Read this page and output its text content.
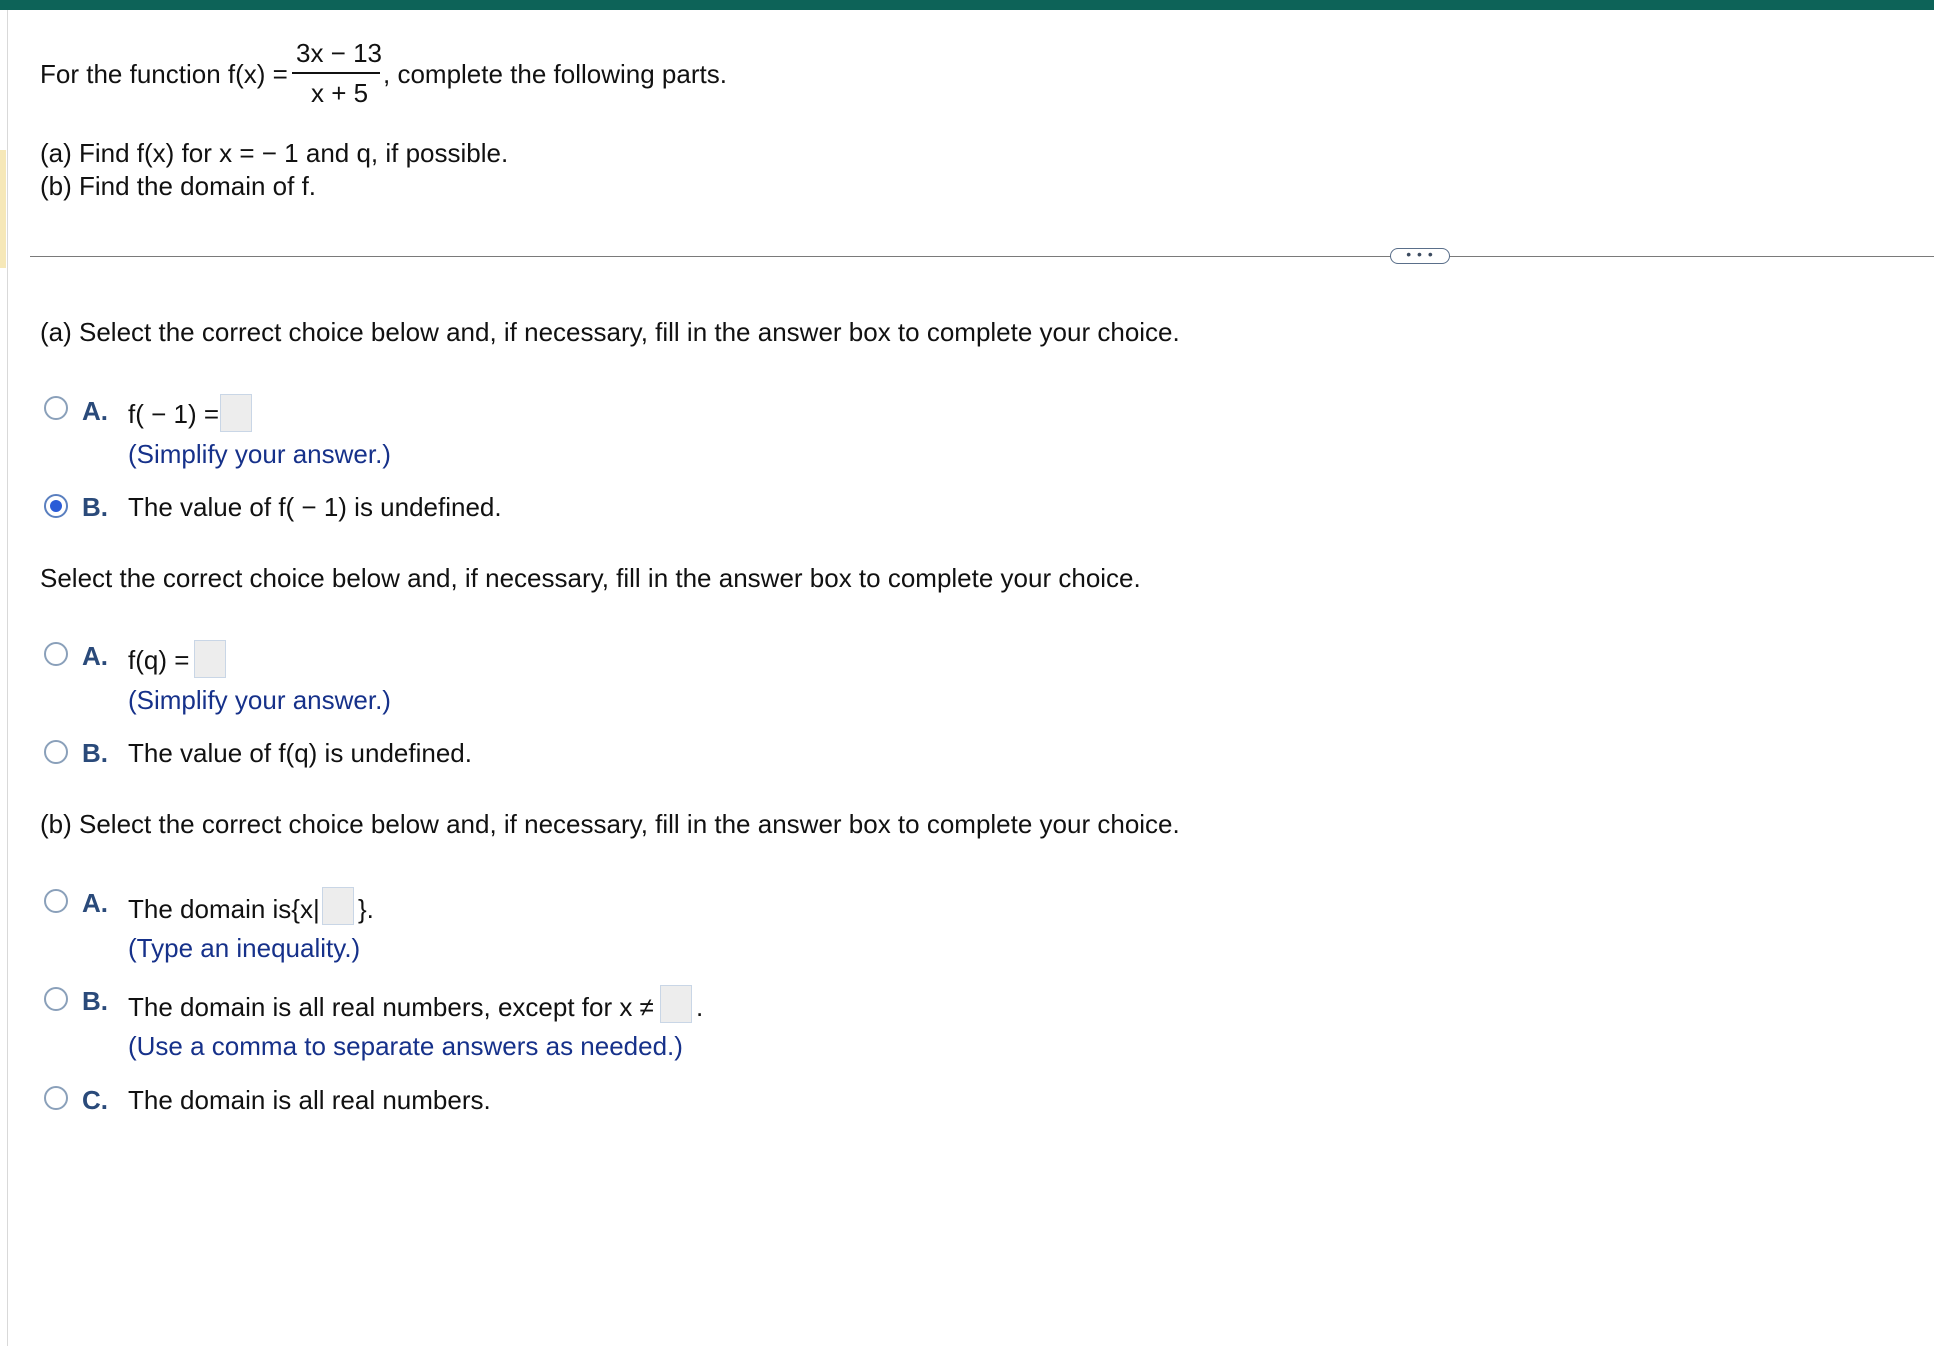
For the function f(x) =
3x − 13
x + 5
, complete the following parts.
(a) Find f(x) for x = − 1 and q, if possible.
(b) Find the domain of f.
• • •
(a) Select the correct choice below and, if necessary, fill in the answer box to complete your choice.
A. f( − 1) =
(Simplify your answer.)
B. The value of f( − 1) is undefined.
Select the correct choice below and, if necessary, fill in the answer box to complete your choice.
A. f(q) =
(Simplify your answer.)
B. The value of f(q) is undefined.
(b) Select the correct choice below and, if necessary, fill in the answer box to complete your choice.
A. The domain is{x| }.
(Type an inequality.)
B. The domain is all real numbers, except for x ≠ .
(Use a comma to separate answers as needed.)
C. The domain is all real numbers.
